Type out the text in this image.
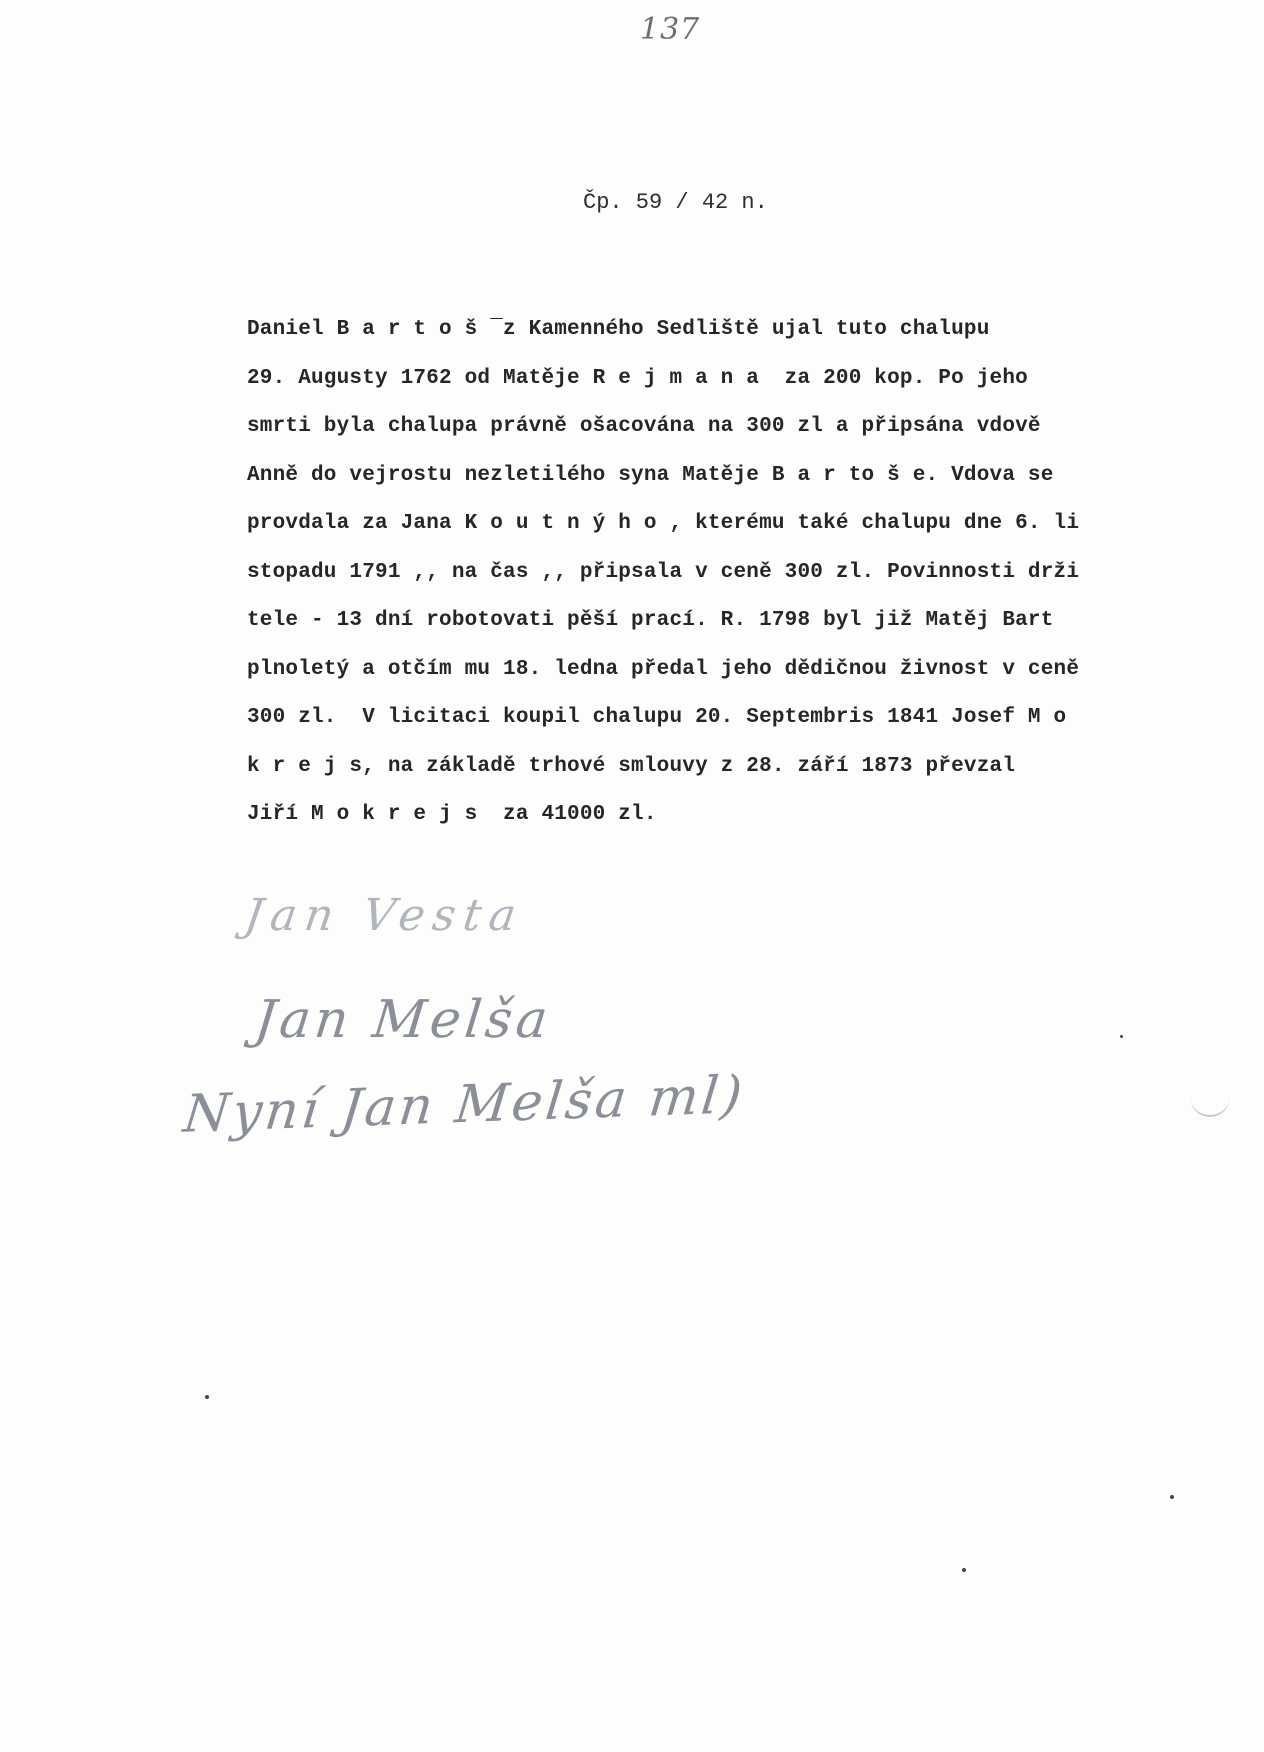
137
Čp. 59 / 42 n.
Daniel B a r t o š ¯z Kamenného Sedliště ujal tuto chalupu
29. Augusty 1762 od Matěje R e j m a n a  za 200 kop. Po jeho
smrti byla chalupa právně ošacována na 300 zl a připsána vdově
Anně do vejrostu nezletilého syna Matěje B a r to š e. Vdova se
provdala za Jana K o u t n ý h o , kterému také chalupu dne 6. li
stopadu 1791 ,, na čas ,, připsala v ceně 300 zl. Povinnosti drži
tele - 13 dní robotovati pěší prací. R. 1798 byl již Matěj Bart
plnoletý a otčím mu 18. ledna předal jeho dědičnou živnost v ceně
300 zl.  V licitaci koupil chalupu 20. Septembris 1841 Josef M o
k r e j s, na základě trhové smlouvy z 28. září 1873 převzal
Jiří M o k r e j s  za 41000 zl.
Jan Vesta
Jan Melša
Nyní Jan Melša ml)
